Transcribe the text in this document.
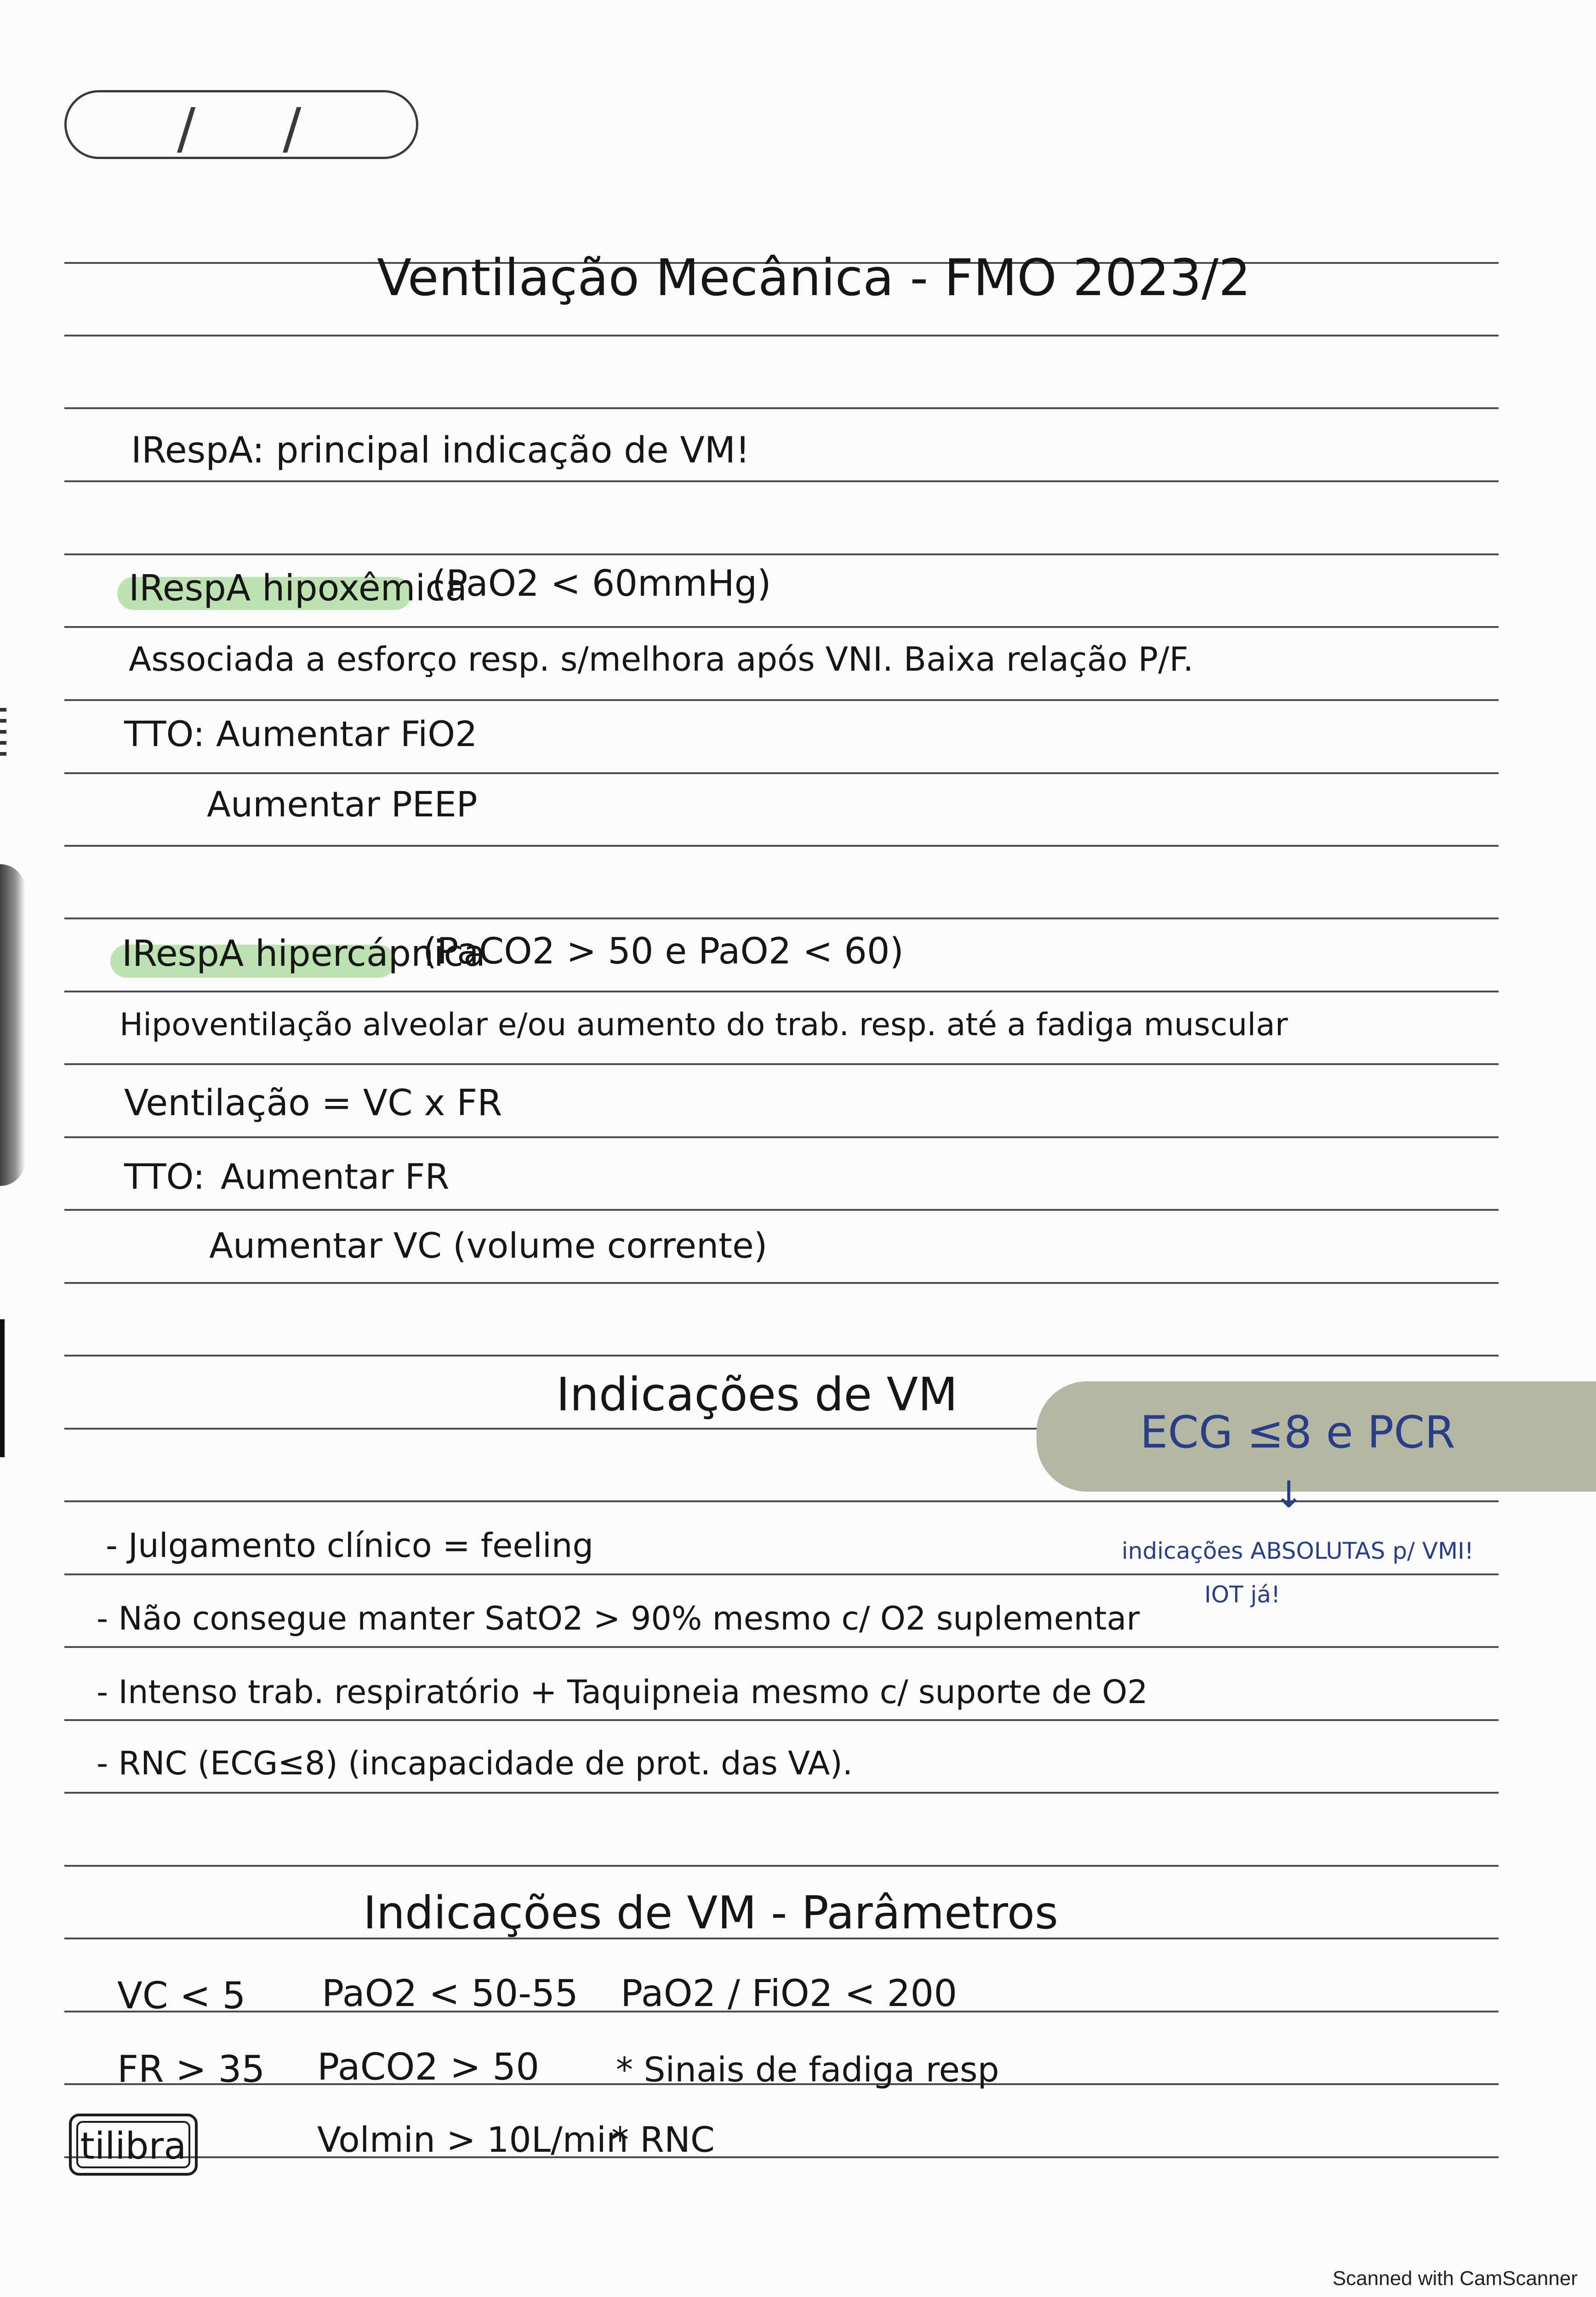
/ /
Ventilação Mecânica - FMO 2023/2
IRespA: principal indicação de VM!
IRespA hipoxêmica
(PaO2 < 60mmHg)
Associada a esforço resp. s/melhora após VNI. Baixa relação P/F.
TTO: Aumentar FiO2
Aumentar PEEP
IRespA hipercápnica
(PaCO2 > 50 e PaO2 < 60)
Hipoventilação alveolar e/ou aumento do trab. resp. até a fadiga muscular
Ventilação = VC x FR
TTO: Aumentar FR
Aumentar VC (volume corrente)
Indicações de VM
ECG ≤8 e PCR
↓
indicações ABSOLUTAS p/ VMI!
IOT já!
- Julgamento clínico = feeling
- Não consegue manter SatO2 > 90% mesmo c/ O2 suplementar
- Intenso trab. respiratório + Taquipneia mesmo c/ suporte de O2
- RNC (ECG≤8) (incapacidade de prot. das VA).
Indicações de VM - Parâmetros
VC < 5 PaO2 < 50-55 PaO2 / FiO2 < 200
FR > 35 PaCO2 > 50 * Sinais de fadiga resp
Volmin > 10L/min
* RNC
tilibra
Scanned with CamScanner
